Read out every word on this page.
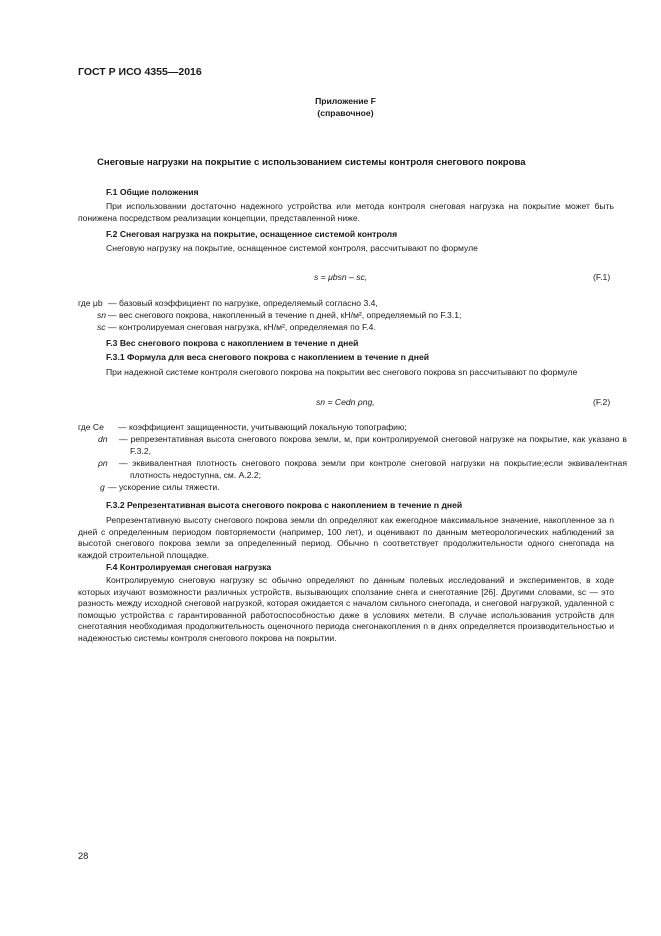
ГОСТ Р ИСО 4355—2016
Приложение F
(справочное)
Снеговые нагрузки на покрытие с использованием системы контроля снегового покрова
F.1 Общие положения
При использовании достаточно надежного устройства или метода контроля снеговая нагрузка на покрытие может быть понижена посредством реализации концепции, представленной ниже.
F.2 Снеговая нагрузка на покрытие, оснащенное системой контроля
Снеговую нагрузку на покрытие, оснащенное системой контроля, рассчитывают по формуле
s = μbsn – sc,	(F.1)
где μb — базовый коэффициент по нагрузке, определяемый согласно 3.4,
sn — вес снегового покрова, накопленный в течение n дней, кН/м², определяемый по F.3.1;
sc — контролируемая снеговая нагрузка, кН/м², определяемая по F.4.
F.3 Вес снегового покрова с накоплением в течение n дней
F.3.1 Формула для веса снегового покрова с накоплением в течение n дней
При надежной системе контроля снегового покрова на покрытии вес снегового покрова sn рассчитывают по формуле
sn = Cedn ρng,	(F.2)
где Ce — коэффициент защищенности, учитывающий локальную топографию;
dn — репрезентативная высота снегового покрова земли, м, при контролируемой снеговой нагрузке на покрытие, как указано в F.3.2,
ρn — эквивалентная плотность снегового покрова земли при контроле снеговой нагрузки на покрытие;если эквивалентная плотность недоступна, см. А.2.2;
g — ускорение силы тяжести.
F.3.2 Репрезентативная высота снегового покрова с накоплением в течение n дней
Репрезентативную высоту снегового покрова земли dn определяют как ежегодное максимальное значение, накопленное за n дней с определенным периодом повторяемости (например, 100 лет), и оценивают по данным метеорологических наблюдений за высотой снегового покрова земли за определенный период. Обычно n соответствует продолжительности одного снегопада на каждой строительной площадке.
F.4 Контролируемая снеговая нагрузка
Контролируемую снеговую нагрузку sc обычно определяют по данным полевых исследований и экспериментов, в ходе которых изучают возможности различных устройств, вызывающих сползание снега и снеготаяние [26]. Другими словами, sc — это разность между исходной снеговой нагрузкой, которая ожидается с началом сильного снегопада, и снеговой нагрузкой, удаленной с помощью устройства с гарантированной работоспособностью даже в условиях метели. В случае использования устройств для снеготаяния необходимая продолжительность оценочного периода снегонакопления n в днях определяется производительностью и надежностью системы контроля снегового покрова на покрытии.
28
